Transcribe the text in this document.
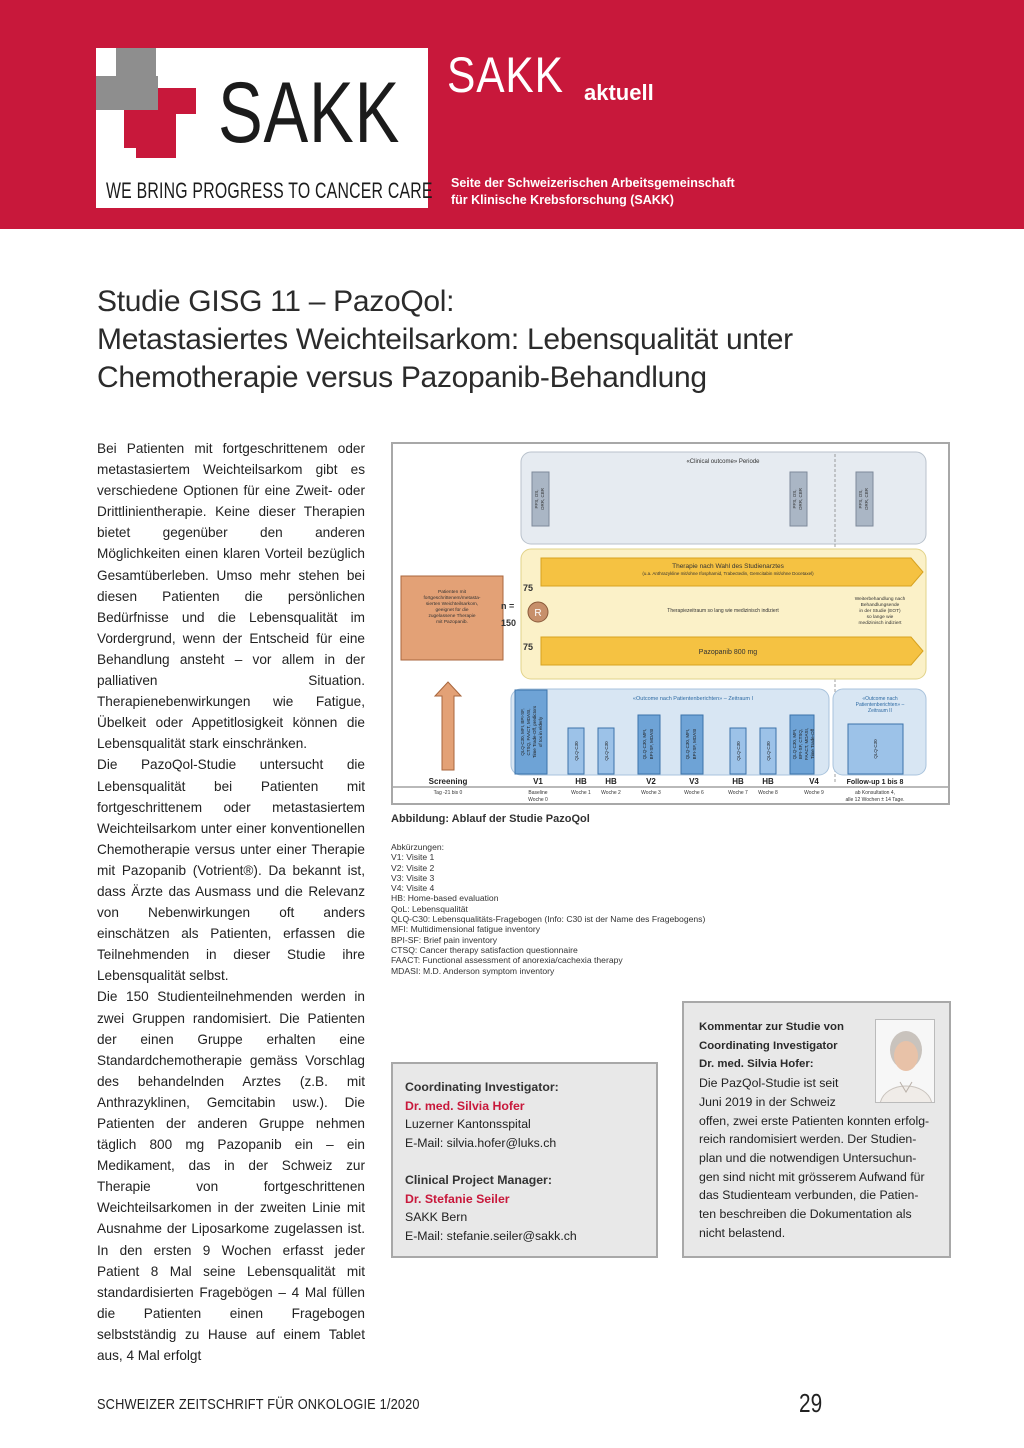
SAKK
WE BRING PROGRESS TO CANCER CARE
SAKK aktuell
Seite der Schweizerischen Arbeitsgemeinschaft
für Klinische Krebsforschung (SAKK)
Studie GISG 11 – PazoQol:
Metastasiertes Weichteilsarkom: Lebensqualität unter
Chemotherapie versus Pazopanib-Behandlung

Bei Patienten mit fortgeschrittenem oder metastasiertem Weichteilsarkom gibt es verschiedene Optionen für eine Zweit- oder Drittlinientherapie. Keine dieser Therapien bietet gegenüber den anderen Möglichkeiten einen klaren Vorteil bezüglich Gesamtüberleben. Umso mehr stehen bei diesen Patienten die persönlichen Bedürfnisse und die Lebensqualität im Vordergrund, wenn der Entscheid für eine Behandlung ansteht – vor allem in der palliativen Situation. Therapienebenwirkungen wie Fatigue, Übelkeit oder Appetitlosigkeit können die Lebensqualität stark einschränken.

Die PazoQol-Studie untersucht die Lebensqualität bei Patienten mit fortgeschrittenem oder metastasiertem Weichteilsarkom unter einer konventionellen Chemotherapie versus unter einer Therapie mit Pazopanib (Votrient®). Da bekannt ist, dass Ärzte das Ausmass und die Relevanz von Nebenwirkungen oft anders einschätzen als Patienten, erfassen die Teilnehmenden in dieser Studie ihre Lebensqualität selbst.

Die 150 Studienteilnehmenden werden in zwei Gruppen randomisiert. Die Patienten der einen Gruppe erhalten eine Standardchemotherapie gemäss Vorschlag des behandelnden Arztes (z.B. mit Anthrazyklinen, Gemcitabin usw.). Die Patienten der anderen Gruppe nehmen täglich 800 mg Pazopanib ein – ein Medikament, das in der Schweiz zur Therapie von fortgeschrittenen Weichteilsarkomen in der zweiten Linie mit Ausnahme der Liposarkome zugelassen ist. In den ersten 9 Wochen erfasst jeder Patient 8 Mal seine Lebensqualität mit standardisierten Fragebögen – 4 Mal füllen die Patienten einen Fragebogen selbstständig zu Hause auf einem Tablet aus, 4 Mal erfolgt

«Clinical outcome» Periode
PFS, OS, ORR, CBR	PFS, OS, ORR, CBR	PFS, OS, ORR, CBR
Therapie nach Wahl des Studienarztes
(u.a. Anthrazykline mit/ohne Ifosphamid, Trabectedin, Gemcitabin mit/ohne Docetaxel)
Pazopanib 800 mg
Therapiezeitraum so lang wie medizinisch indiziert
Weiterbehandlung nach
Behandlungsende
in der Studie (EOT)
so lange wie
medizinisch indiziert
Patienten mit
fortgeschrittenem/metasta-
sierten Weichteilsarkom,
geeignet für die
zugelassene Therapie
mit Pazopanib.
n =
150
75
75
R
«Outcome nach Patientenberichten» – Zeitraum I	«Outcome nach
Patientenberichten» –
Zeitraum II
QLQ-C30, MFI, BPI-SF, CTSQ, FAACT, MDASI, Time Trade-Off, predictors of tox in elderly
QLQ-C30	QLQ-C30	QLQ-C30, MFI, BPI-SF, MDASI	QLQ-C30, MFI, BPI-SF, MDASI	QLQ-C30	QLQ-C30	QLQ-C30, MFI, BPI-SF, CTSQ, FAACT, MDASI, Time Trade-Off	QLQ-C30
Screening
Tag -21 bis 0
V1
Baseline
Woche 0
HB
Woche 1
HB
Woche 2
V2
Woche 3
V3
Woche 6
HB
Woche 7
HB
Woche 8
V4
Woche 9
Follow-up 1 bis 8
ab Konsultation 4,
alle 12 Wochen ± 14 Tage.
Abbildung: Ablauf der Studie PazoQol
Abkürzungen:
V1: Visite 1
V2: Visite 2
V3: Visite 3
V4: Visite 4
HB: Home-based evaluation
QoL: Lebensqualität
QLQ-C30: Lebensqualitäts-Fragebogen (Info: C30 ist der Name des Fragebogens)
MFI: Multidimensional fatigue inventory
BPI-SF: Brief pain inventory
CTSQ: Cancer therapy satisfaction questionnaire
FAACT: Functional assessment of anorexia/cachexia therapy
MDASI: M.D. Anderson symptom inventory
Coordinating Investigator:
Dr. med. Silvia Hofer
Luzerner Kantonsspital
E-Mail: silvia.hofer@luks.ch
Clinical Project Manager:
Dr. Stefanie Seiler
SAKK Bern
E-Mail: stefanie.seiler@sakk.ch
Kommentar zur Studie von
Coordinating Investigator
Dr. med. Silvia Hofer:
Die PazQol-Studie ist seit
Juni 2019 in der Schweiz
offen, zwei erste Patienten konnten erfolg-
reich randomisiert werden. Der Studien-
plan und die notwendigen Untersuchun-
gen sind nicht mit grösserem Aufwand für
das Studienteam verbunden, die Patien-
ten beschreiben die Dokumentation als
nicht belastend.
SCHWEIZER ZEITSCHRIFT FÜR ONKOLOGIE 1/2020	29
